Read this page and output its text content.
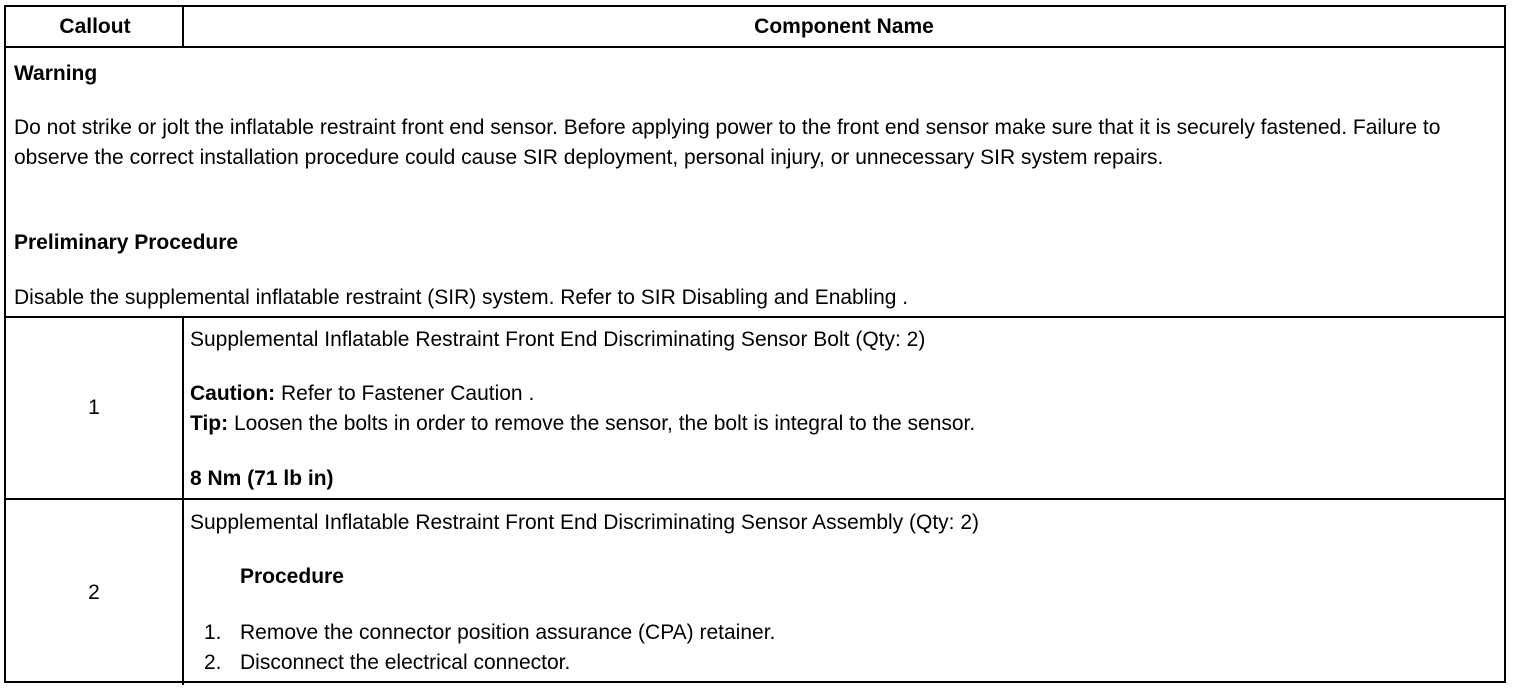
Callout	Component Name
Warning
Do not strike or jolt the inflatable restraint front end sensor. Before applying power to the front end sensor make sure that it is securely fastened. Failure to observe the correct installation procedure could cause SIR deployment, personal injury, or unnecessary SIR system repairs.
Preliminary Procedure
Disable the supplemental inflatable restraint (SIR) system. Refer to SIR Disabling and Enabling .
1
Supplemental Inflatable Restraint Front End Discriminating Sensor Bolt (Qty: 2)
Caution: Refer to Fastener Caution .
Tip: Loosen the bolts in order to remove the sensor, the bolt is integral to the sensor.
8 Nm (71 lb in)
2
Supplemental Inflatable Restraint Front End Discriminating Sensor Assembly (Qty: 2)
Procedure
1. Remove the connector position assurance (CPA) retainer.
2. Disconnect the electrical connector.
